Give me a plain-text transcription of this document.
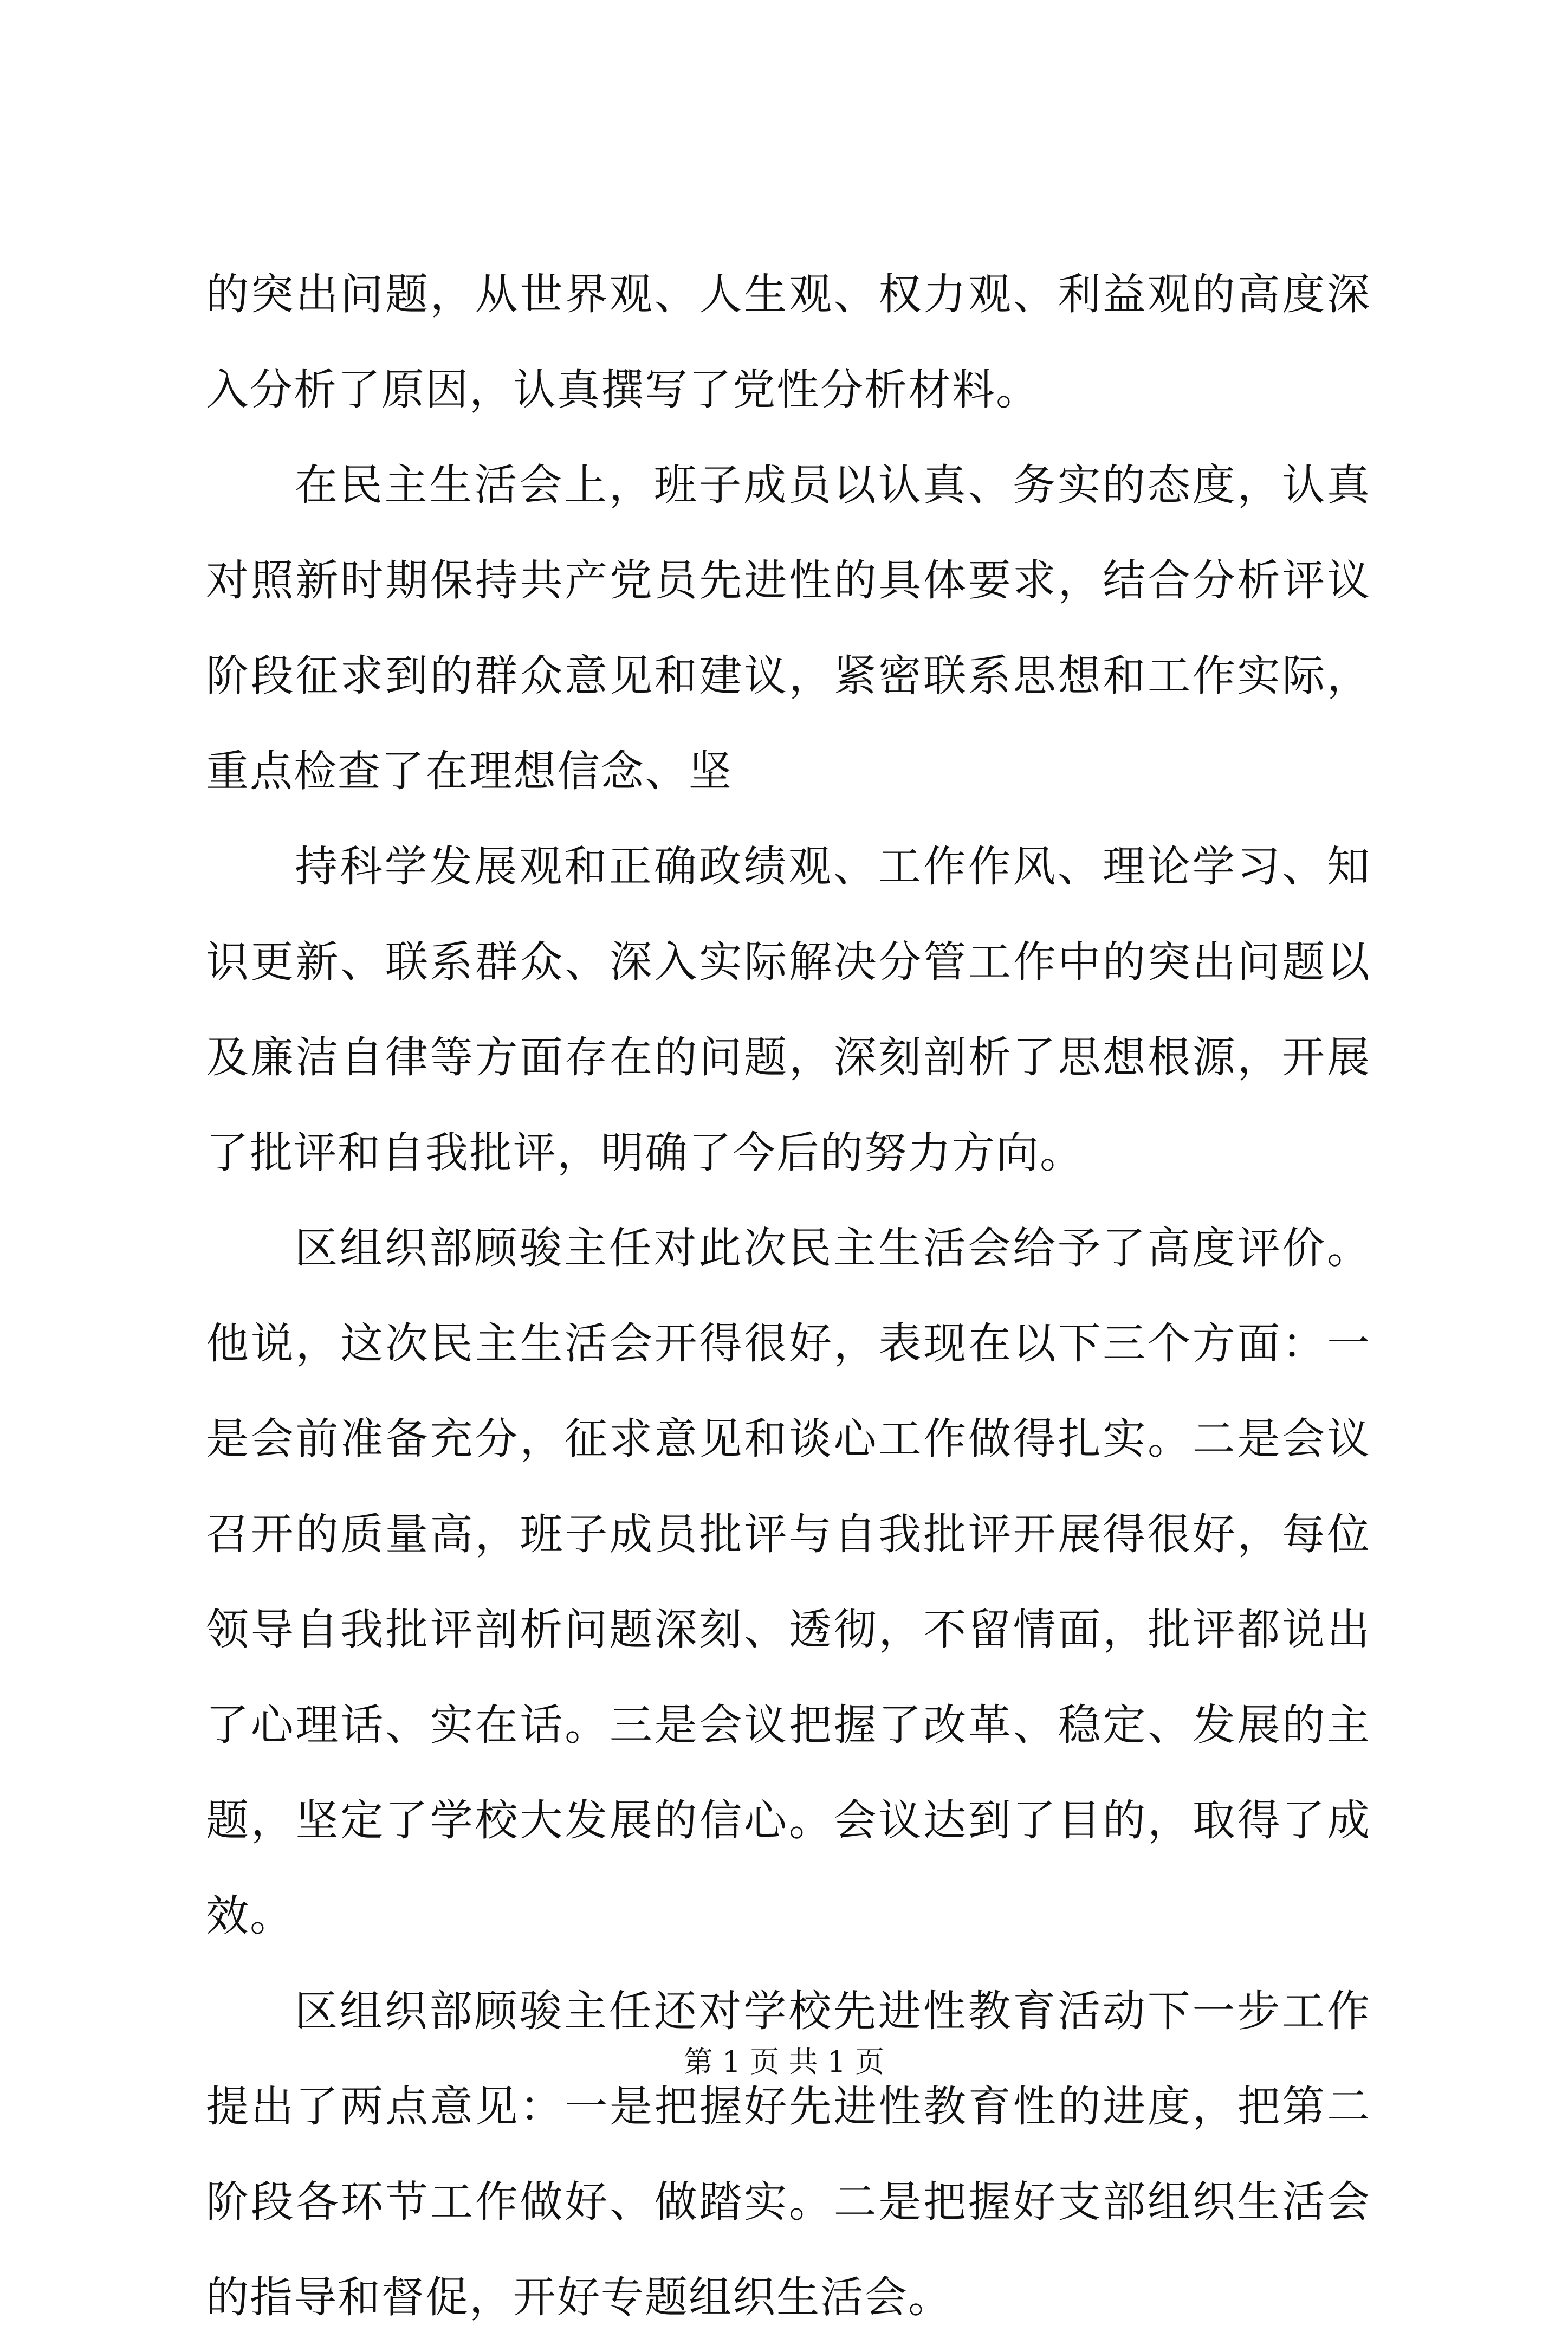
的突出问题，从世界观、人生观、权力观、利益观的高度深入分析了原因，认真撰写了党性分析材料。

在民主生活会上，班子成员以认真、务实的态度，认真对照新时期保持共产党员先进性的具体要求，结合分析评议阶段征求到的群众意见和建议，紧密联系思想和工作实际，重点检查了在理想信念、坚

持科学发展观和正确政绩观、工作作风、理论学习、知识更新、联系群众、深入实际解决分管工作中的突出问题以及廉洁自律等方面存在的问题，深刻剖析了思想根源，开展了批评和自我批评，明确了今后的努力方向。

区组织部顾骏主任对此次民主生活会给予了高度评价。他说，这次民主生活会开得很好，表现在以下三个方面：一是会前准备充分，征求意见和谈心工作做得扎实。二是会议召开的质量高，班子成员批评与自我批评开展得很好，每位领导自我批评剖析问题深刻、透彻，不留情面，批评都说出了心理话、实在话。三是会议把握了改革、稳定、发展的主题，坚定了学校大发展的信心。会议达到了目的，取得了成效。

区组织部顾骏主任还对学校先进性教育活动下一步工作提出了两点意见：一是把握好先进性教育性的进度，把第二阶段各环节工作做好、做踏实。二是把握好支部组织生活会的指导和督促，开好专题组织生活会。

第 1 页 共 1 页
